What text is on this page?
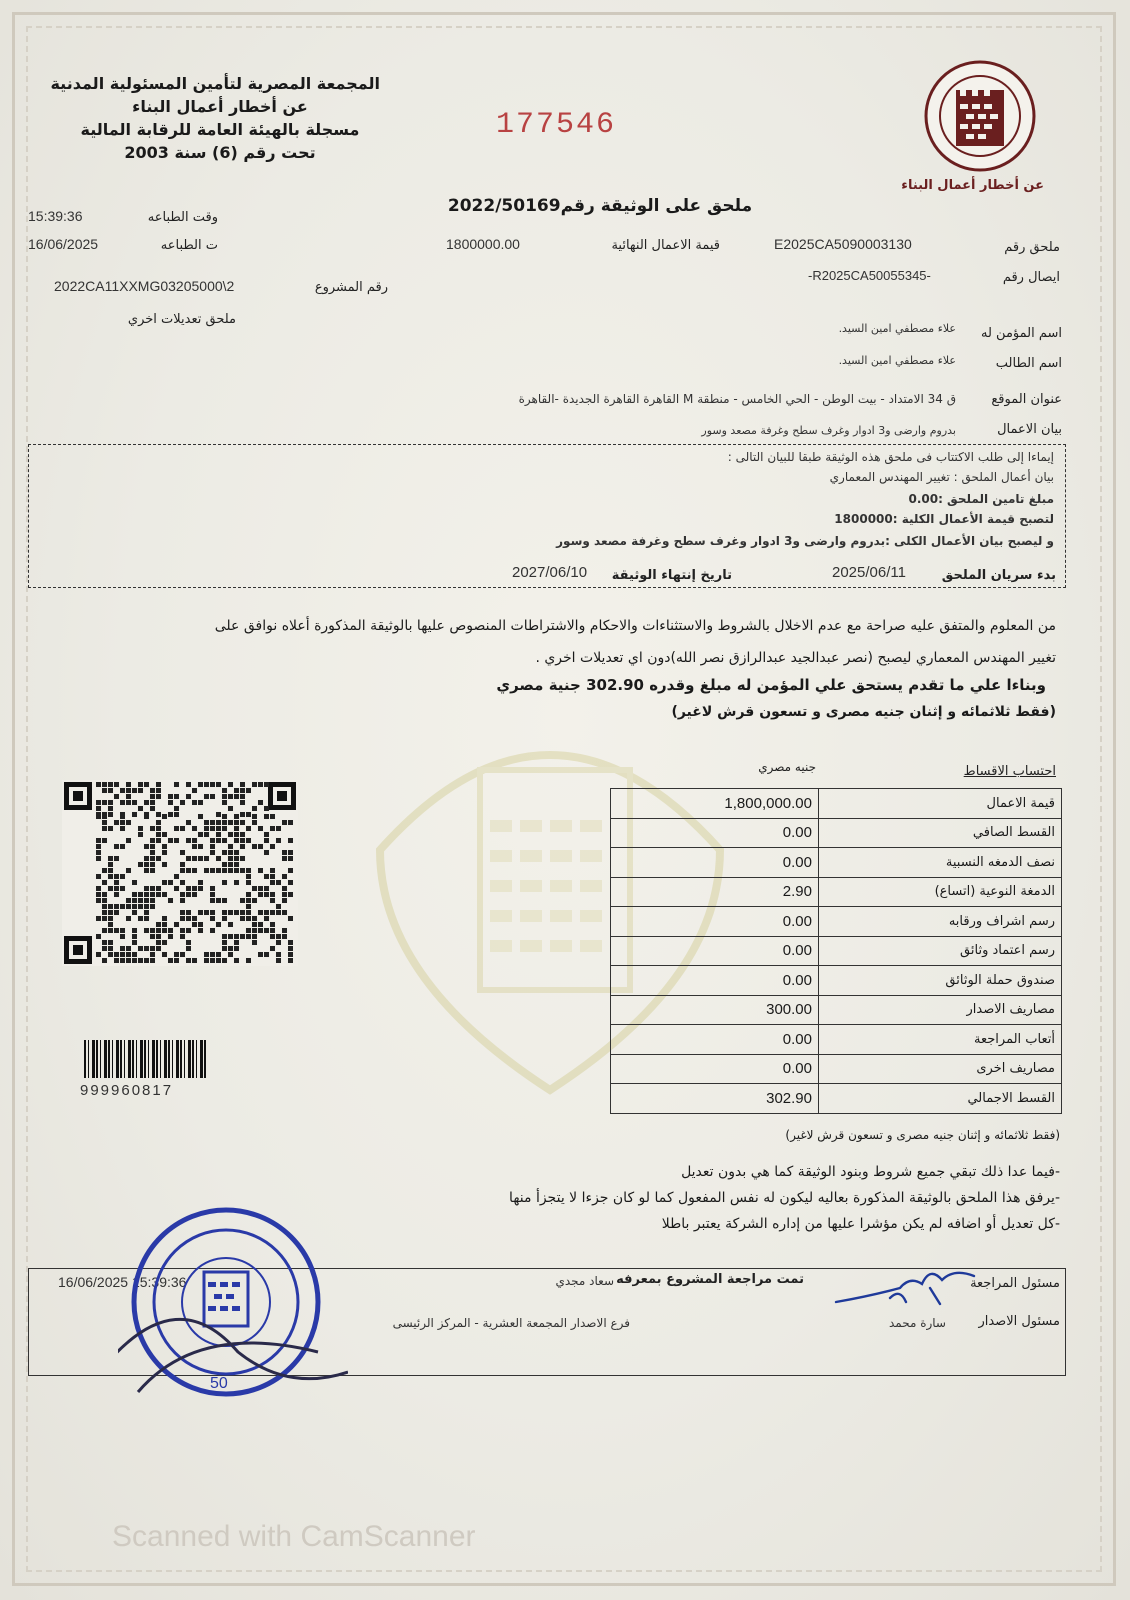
المجمعة المصرية لتأمين المسئولية المدنية
عن أخطار أعمال البناء
مسجلة بالهيئة العامة للرقابة المالية
تحت رقم (6) سنة 2003
177546
عن أخطار أعمال البناء
ملحق على الوثيقة رقم2022/50169
15:39:36	وقت الطباعه
16/06/2025	ت الطباعه	1800000.00	قيمة الاعمال النهائية	E2025CA5090003130	ملحق رقم
-R2025CA50055345-	ايصال رقم
2022CA11XXMG03205000\2	رقم المشروع
ملحق تعديلات اخري
اسم المؤمن له
علاء مصطفي امين السيد.
اسم الطالب
علاء مصطفي امين السيد.
عنوان الموقع
ق 34 الامتداد - بيت الوطن - الحي الخامس - منطقة M القاهرة القاهرة الجديدة -القاهرة
بيان الاعمال
بدروم وارضى و3 ادوار وغرف سطح وغرفة مصعد وسور
إيماءا إلى طلب الاكتتاب فى ملحق هذه الوثيقة طبقا للبيان التالى :
بيان أعمال الملحق : تغيير المهندس المعماري
مبلغ تامين الملحق :0.00
لتصبح قيمة الأعمال الكلية :1800000
و ليصبح بيان الأعمال الكلى :بدروم وارضى و3 ادوار وغرف سطح وغرفة مصعد وسور
بدء سريان الملحق
2025/06/11
تاريخ إنتهاء الوثيقة
2027/06/10
من المعلوم والمتفق عليه صراحة مع عدم الاخلال بالشروط والاستثناءات والاحكام والاشتراطات المنصوص عليها بالوثيقة المذكورة أعلاه نوافق على
تغيير المهندس المعماري ليصبح (نصر عبدالجيد عبدالرازق نصر الله)دون اي تعديلات اخري .
وبناءا علي ما تقدم يستحق علي المؤمن له مبلغ وقدره 302.90 جنية مصري
(فقط ثلاثمائه و إثنان جنيه مصرى و تسعون قرش لاغير)
احتساب الاقساط
جنيه مصري
1,800,000.00	قيمة الاعمال
0.00	القسط الصافي
0.00	نصف الدمغه النسبية
2.90	الدمغة النوعية (اتساع)
0.00	رسم اشراف ورقابه
0.00	رسم اعتماد وثائق
0.00	صندوق حملة الوثائق
300.00	مصاريف الاصدار
0.00	أتعاب المراجعة
0.00	مصاريف اخرى
302.90	القسط الاجمالي
(فقط ثلاثمائه و إثنان جنيه مصرى و تسعون قرش لاغير)
999960817
-فيما عدا ذلك تبقي جميع شروط وبنود الوثيقة كما هي بدون تعديل
-يرفق هذا الملحق بالوثيقة المذكورة بعاليه ليكون له نفس المفعول كما لو كان جزءا لا يتجزأ منها
-كل تعديل أو اضافه لم يكن مؤشرا عليها من إداره الشركة يعتبر باطلا
16/06/2025 15:39:36	مسئول المراجعة
تمت مراجعة المشروع بمعرفه
سعاد مجدي
مسئول الاصدار
سارة محمد
فرع الاصدار المجمعة العشرية - المركز الرئيسى
50
Scanned with CamScanner
